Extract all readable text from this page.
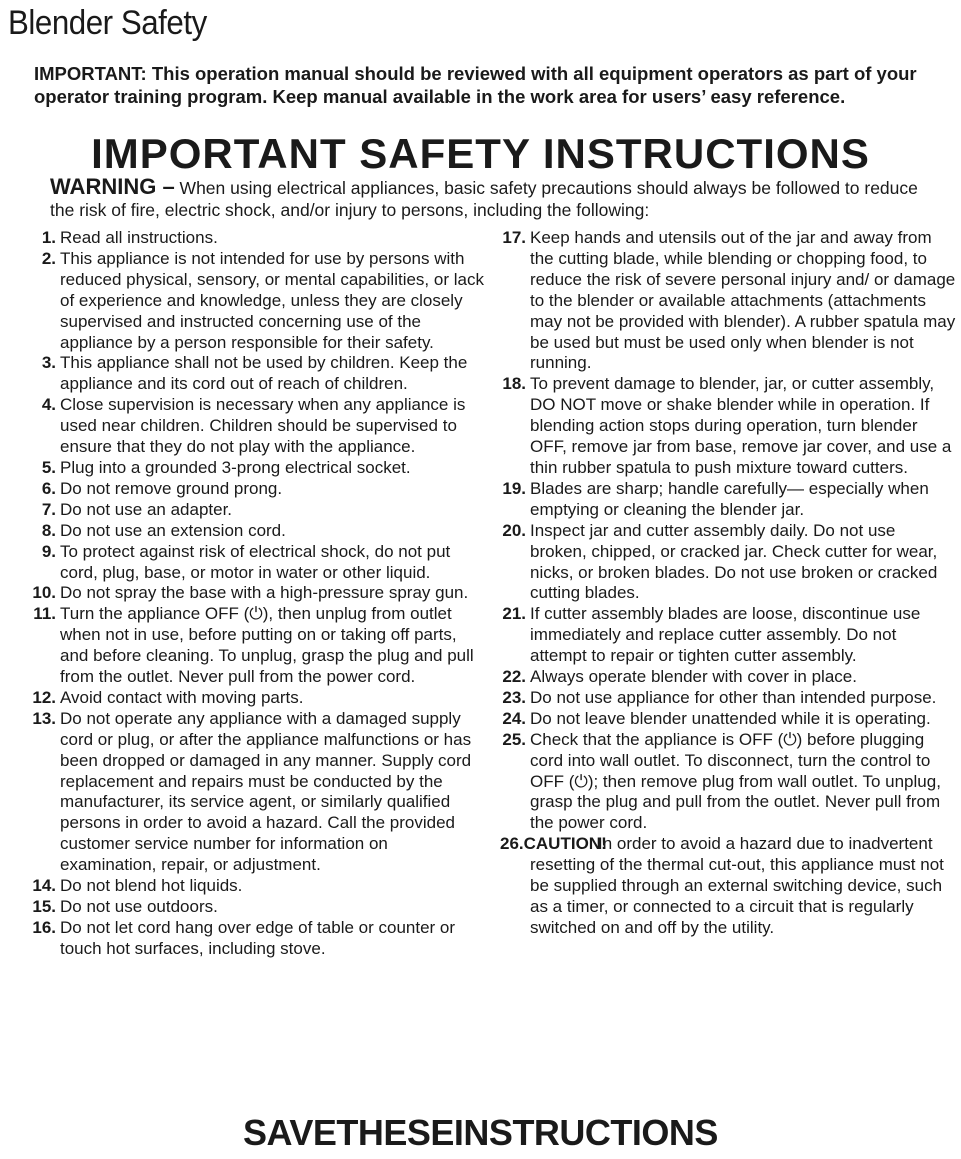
Blender Safety
IMPORTANT: This operation manual should be reviewed with all equipment operators as part of your operator training program. Keep manual available in the work area for users’ easy reference.
IMPORTANT SAFETY INSTRUCTIONS
WARNING – When using electrical appliances, basic safety precautions should always be followed to reduce the risk of fire, electric shock, and/or injury to persons, including the following:
1. Read all instructions.
2. This appliance is not intended for use by persons with reduced physical, sensory, or mental capabilities, or lack of experience and knowledge, unless they are closely supervised and instructed concerning use of the appliance by a person responsible for their safety.
3. This appliance shall not be used by children. Keep the appliance and its cord out of reach of children.
4. Close supervision is necessary when any appliance is used near children. Children should be supervised to ensure that they do not play with the appliance.
5. Plug into a grounded 3-prong electrical socket.
6. Do not remove ground prong.
7. Do not use an adapter.
8. Do not use an extension cord.
9. To protect against risk of electrical shock, do not put cord, plug, base, or motor in water or other liquid.
10. Do not spray the base with a high-pressure spray gun.
11. Turn the appliance OFF (⏻), then unplug from outlet when not in use, before putting on or taking off parts, and before cleaning. To unplug, grasp the plug and pull from the outlet. Never pull from the power cord.
12. Avoid contact with moving parts.
13. Do not operate any appliance with a damaged supply cord or plug, or after the appliance malfunctions or has been dropped or damaged in any manner. Supply cord replacement and repairs must be conducted by the manufacturer, its service agent, or similarly qualified persons in order to avoid a hazard. Call the provided customer service number for information on examination, repair, or adjustment.
14. Do not blend hot liquids.
15. Do not use outdoors.
16. Do not let cord hang over edge of table or counter or touch hot surfaces, including stove.
17. Keep hands and utensils out of the jar and away from the cutting blade, while blending or chopping food, to reduce the risk of severe personal injury and/ or damage to the blender or available attachments (attachments may not be provided with blender). A rubber spatula may be used but must be used only when blender is not running.
18. To prevent damage to blender, jar, or cutter assembly, DO NOT move or shake blender while in operation. If blending action stops during operation, turn blender OFF, remove jar from base, remove jar cover, and use a thin rubber spatula to push mixture toward cutters.
19. Blades are sharp; handle carefully— especially when emptying or cleaning the blender jar.
20. Inspect jar and cutter assembly daily. Do not use broken, chipped, or cracked jar. Check cutter for wear, nicks, or broken blades. Do not use broken or cracked cutting blades.
21. If cutter assembly blades are loose, discontinue use immediately and replace cutter assembly. Do not attempt to repair or tighten cutter assembly.
22. Always operate blender with cover in place.
23. Do not use appliance for other than intended purpose.
24. Do not leave blender unattended while it is operating.
25. Check that the appliance is OFF (⏻) before plugging cord into wall outlet. To disconnect, turn the control to OFF (⏻); then remove plug from wall outlet. To unplug, grasp the plug and pull from the outlet. Never pull from the power cord.
26.CAUTION!
In order to avoid a hazard due to inadvertent resetting of the thermal cut-out, this appliance must not be supplied through an external switching device, such as a timer, or connected to a circuit that is regularly switched on and off by the utility.
SAVETHESEINSTRUCTIONS
